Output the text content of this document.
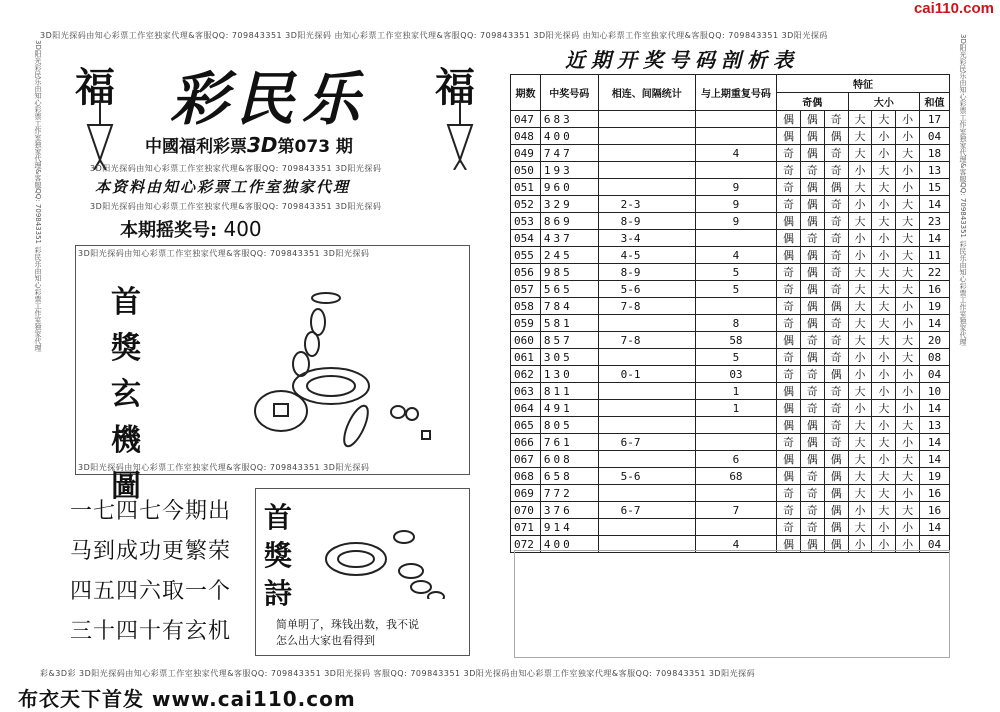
cai110.com
3D阳光探码由知心彩票工作室独家代理&客服QQ: 709843351 3D阳光探码 由知心彩票工作室独家代理&客服QQ: 709843351 3D阳光探码 由知心彩票工作室独家代理&客服QQ: 709843351 3D阳光探码
彩&3D彩 3D阳光探码由知心彩票工作室独家代理&客服QQ: 709843351 3D阳光探码 客服QQ: 709843351 3D阳光探码由知心彩票工作室独家代理&客服QQ: 709843351 3D阳光探码
3D阳光彩民乐由知心彩票工作室独家代理&客服QQ: 709843351 彩民乐由知心彩票工作室独家代理	3D阳光彩民乐由知心彩票工作室独家代理&客服QQ: 709843351 彩民乐由知心彩票工作室独家代理
福	福
彩民乐
中國福利彩票3D第073 期
3D阳光探码由知心彩票工作室独家代理&客服QQ: 709843351 3D阳光探码
本资料由知心彩票工作室独家代理
3D阳光探码由知心彩票工作室独家代理&客服QQ: 709843351 3D阳光探码
本期摇奖号: 400
3D阳光探码由知心彩票工作室独家代理&客服QQ: 709843351 3D阳光探码
首獎玄機圖
3D阳光探码由知心彩票工作室独家代理&客服QQ: 709843351 3D阳光探码
一七四七今期出
马到成功更繁荣
四五四六取一个
三十四十有玄机
首獎詩
简单明了，珠钱出数，我不说
怎么出大家也看得到
布衣天下首发 www.cai110.com
近期开奖号码剖析表
期数	中奖号码	相连、间隔统计	与上期重复号码	特征						
				奇偶			大小			和值
047	683			偶	偶	奇	大	大	小	17
048	400			偶	偶	偶	大	小	小	04
049	747		4	奇	偶	奇	大	小	大	18
050	193			奇	奇	奇	小	大	小	13
051	960		9	奇	偶	偶	大	大	小	15
052	329	2-3	9	奇	偶	奇	小	小	大	14
053	869	8-9	9	偶	偶	奇	大	大	大	23
054	437	3-4		偶	奇	奇	小	小	大	14
055	245	4-5	4	偶	偶	奇	小	小	大	11
056	985	8-9	5	奇	偶	奇	大	大	大	22
057	565	5-6	5	奇	偶	奇	大	大	大	16
058	784	7-8		奇	偶	偶	大	大	小	19
059	581		8	奇	偶	奇	大	大	小	14
060	857	7-8	58	偶	奇	奇	大	大	大	20
061	305		5	奇	偶	奇	小	小	大	08
062	130	0-1	03	奇	奇	偶	小	小	小	04
063	811		1	偶	奇	奇	大	小	小	10
064	491		1	偶	奇	奇	小	大	小	14
065	805			偶	偶	奇	大	小	大	13
066	761	6-7		奇	偶	奇	大	大	小	14
067	608		6	偶	偶	偶	大	小	大	14
068	658	5-6	68	偶	奇	偶	大	大	大	19
069	772			奇	奇	偶	大	大	小	16
070	376	6-7	7	奇	奇	偶	小	大	大	16
071	914			奇	奇	偶	大	小	小	14
072	400		4	偶	偶	偶	小	小	小	04
